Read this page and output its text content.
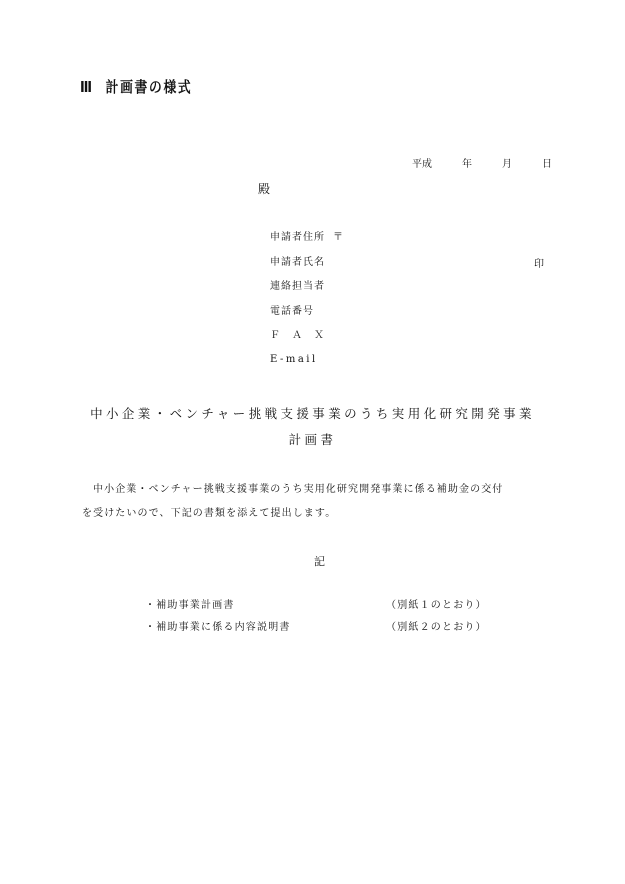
Ⅲ 計画書の様式
平成	年	月	日
殿
申請者住所 〒
申請者氏名
連絡担当者
電話番号
Ｆ　Ａ　Ｘ
E-mail
印
中小企業・ベンチャー挑戦支援事業のうち実用化研究開発事業
計画書
中小企業・ベンチャー挑戦支援事業のうち実用化研究開発事業に係る補助金の交付
を受けたいので、下記の書類を添えて提出します。
記
・補助事業計画書	（別紙１のとおり）
・補助事業に係る内容説明書	（別紙２のとおり）
